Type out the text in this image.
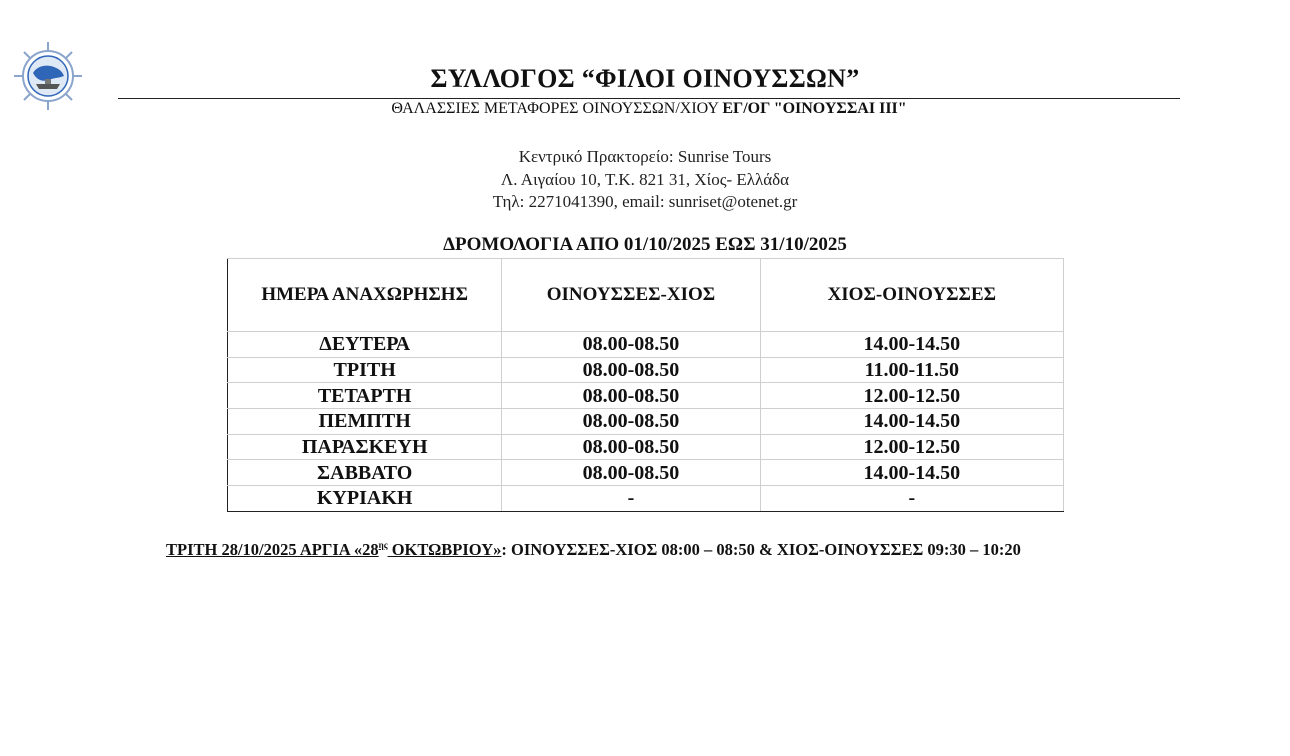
ΣΥΛΛΟΓΟΣ “ΦΙΛΟΙ ΟΙΝΟΥΣΣΩΝ”
ΘΑΛΑΣΣΙΕΣ ΜΕΤΑΦΟΡΕΣ ΟΙΝΟΥΣΣΩΝ/ΧΙΟΥ ΕΓ/ΟΓ "ΟΙΝΟΥΣΣΑΙ ΙΙΙ"
Κεντρικό Πρακτορείο: Sunrise Tours
Λ. Αιγαίου 10, Τ.Κ. 821 31, Χίος- Ελλάδα
Τηλ: 2271041390, email: sunriset@otenet.gr
ΔΡΟΜΟΛΟΓΙΑ ΑΠΟ 01/10/2025 ΕΩΣ 31/10/2025
ΗΜΕΡΑ ΑΝΑΧΩΡΗΣΗΣ	ΟΙΝΟΥΣΣΕΣ-ΧΙΟΣ	ΧΙΟΣ-ΟΙΝΟΥΣΣΕΣ
ΔΕΥΤΕΡΑ	08.00-08.50	14.00-14.50
ΤΡΙΤΗ	08.00-08.50	11.00-11.50
ΤΕΤΑΡΤΗ	08.00-08.50	12.00-12.50
ΠΕΜΠΤΗ	08.00-08.50	14.00-14.50
ΠΑΡΑΣΚΕΥΗ	08.00-08.50	12.00-12.50
ΣΑΒΒΑΤΟ	08.00-08.50	14.00-14.50
ΚΥΡΙΑΚΗ	-	-
ΤΡΙΤΗ 28/10/2025 ΑΡΓΙΑ «$28^{\eta\varsigma}$ ΟΚΤΩΒΡΙΟΥ»: ΟΙΝΟΥΣΣΕΣ-ΧΙΟΣ 08:00 – 08:50 & ΧΙΟΣ-ΟΙΝΟΥΣΣΕΣ 09:30 – 10:20
